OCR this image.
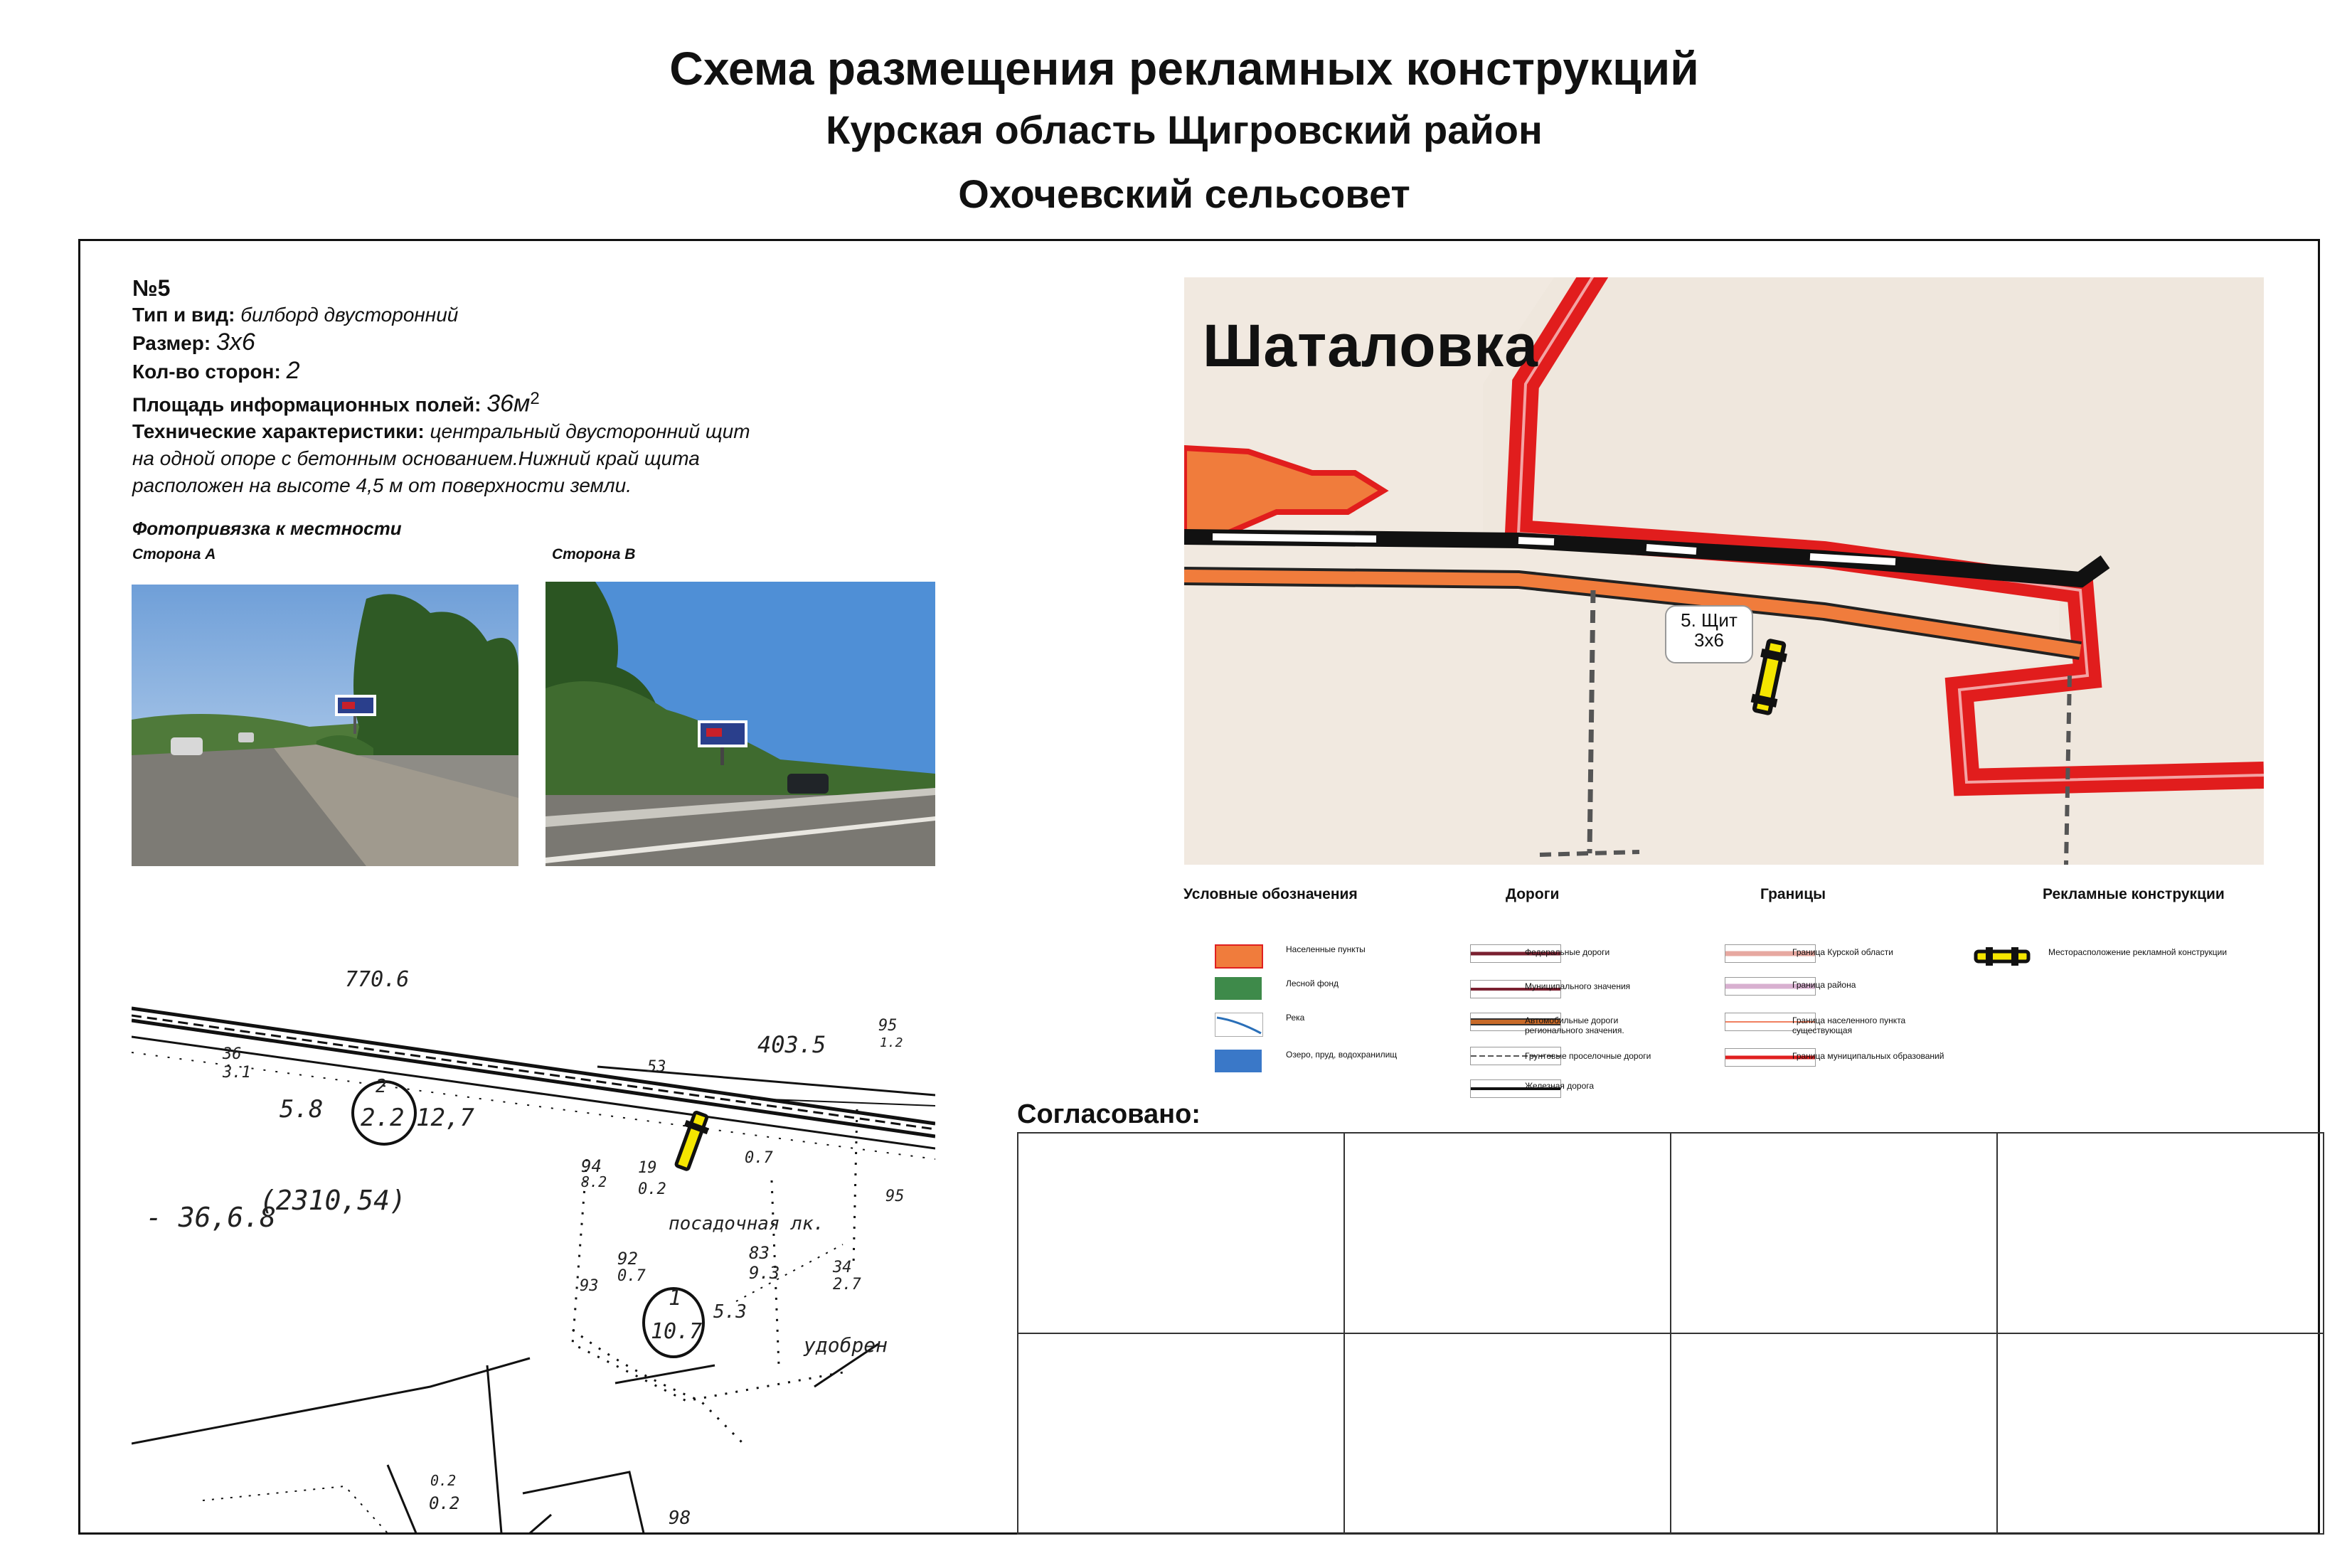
Схема размещения рекламных конструкций
Курская область Щигровский район
Охочевский сельсовет
№5
Тип и вид: билборд двусторонний
Размер: 3х6
Кол-во сторон: 2
Площадь информационных полей: $36м^2$
Технические характеристики: центральный двусторонний щит
на одной опоре с бетонным основанием.Нижний край щита
расположен на высоте 4,5 м от поверхности земли.
Фотопривязка к местности
Сторона А	Сторона В
Шаталовка
5. Щит
3х6
Условные обозначения	Дороги	Границы	Рекламные конструкции
Населенные пункты
Лесной фонд
Река
Озеро, пруд, водохранилищ
Федеральные дороги
Муниципального значения
Автомобильные дороги регионального значения.
Грунтовые проселочные дороги
Железная дорога
Граница Курской области
Граница района
Граница населенного пункта существующая
Граница муниципальных образований
Месторасположение рекламной конструкции
770.6
403.5
53
95
1.2
36
3.1
5.8
2
2.2 12,7
94
8.2
19
0.2
0.7
- 36,6.8
(2310,54)
посадочная лк.
83
9.3
92
0.7
93	1
10.7
5.3
34
2.7
удобрен
0.2
98
0.2
95
Согласовано:
